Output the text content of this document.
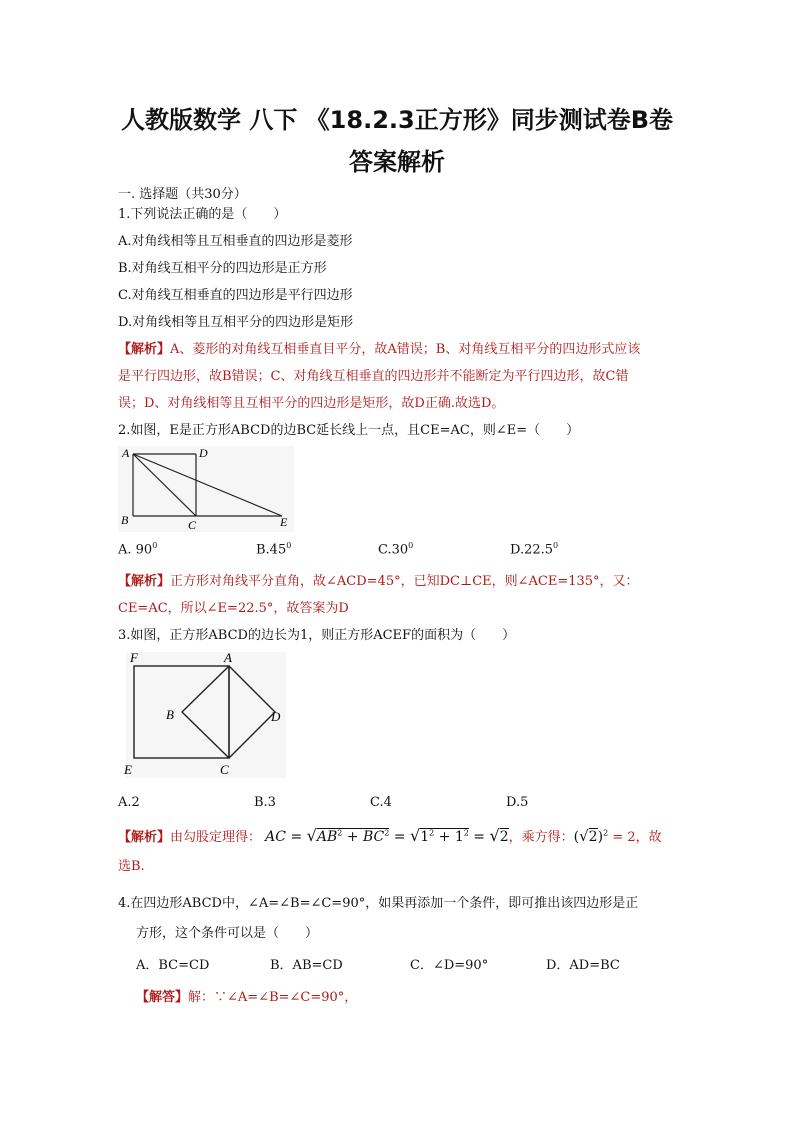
人教版数学 八下 《18.2.3正方形》同步测试卷B卷
答案解析
一. 选择题（共30分）
1.下列说法正确的是（　　）
A.对角线相等且互相垂直的四边形是菱形
B.对角线互相平分的四边形是正方形
C.对角线互相垂直的四边形是平行四边形
D.对角线相等且互相平分的四边形是矩形
【解析】A、菱形的对角线互相垂直目平分，故A错误；B、对角线互相平分的四边形式应该
是平行四边形，故B错误；C、对角线互相垂直的四边形并不能断定为平行四边形，故C错
误；D、对角线相等且互相平分的四边形是矩形，故D正确.故选D。
2.如图，E是正方形ABCD的边BC延长线上一点，且CE=AC，则∠E=（　　）
A	D
B	C	E
A. $90^0$	$B.45^0$	$C.30^0$	D.22.5$^0$
【解析】正方形对角线平分直角，故∠ACD=45°，已知DC⊥CE，则∠ACE=135°，又：
CE=AC，所以∠E=22.5°，故答案为D
3.如图，正方形ABCD的边长为1，则正方形ACEF的面积为（　　）
F	A
B	D
E	C
A.2	B.3	C.4	D.5
【解析】由勾股定理得： AC = $√AB^2 + BC^2 = √1^2 + 1^2 = √2$，乘方得：$(√2)^2 = 2$，故
选B.
4.在四边形ABCD中，∠A=∠B=∠C=90°，如果再添加一个条件，即可推出该四边形是正
方形，这个条件可以是（　　）
A．BC=CD	B．AB=CD	C．∠D=90°	D．AD=BC
【解答】解：∵∠A=∠B=∠C=90°，
